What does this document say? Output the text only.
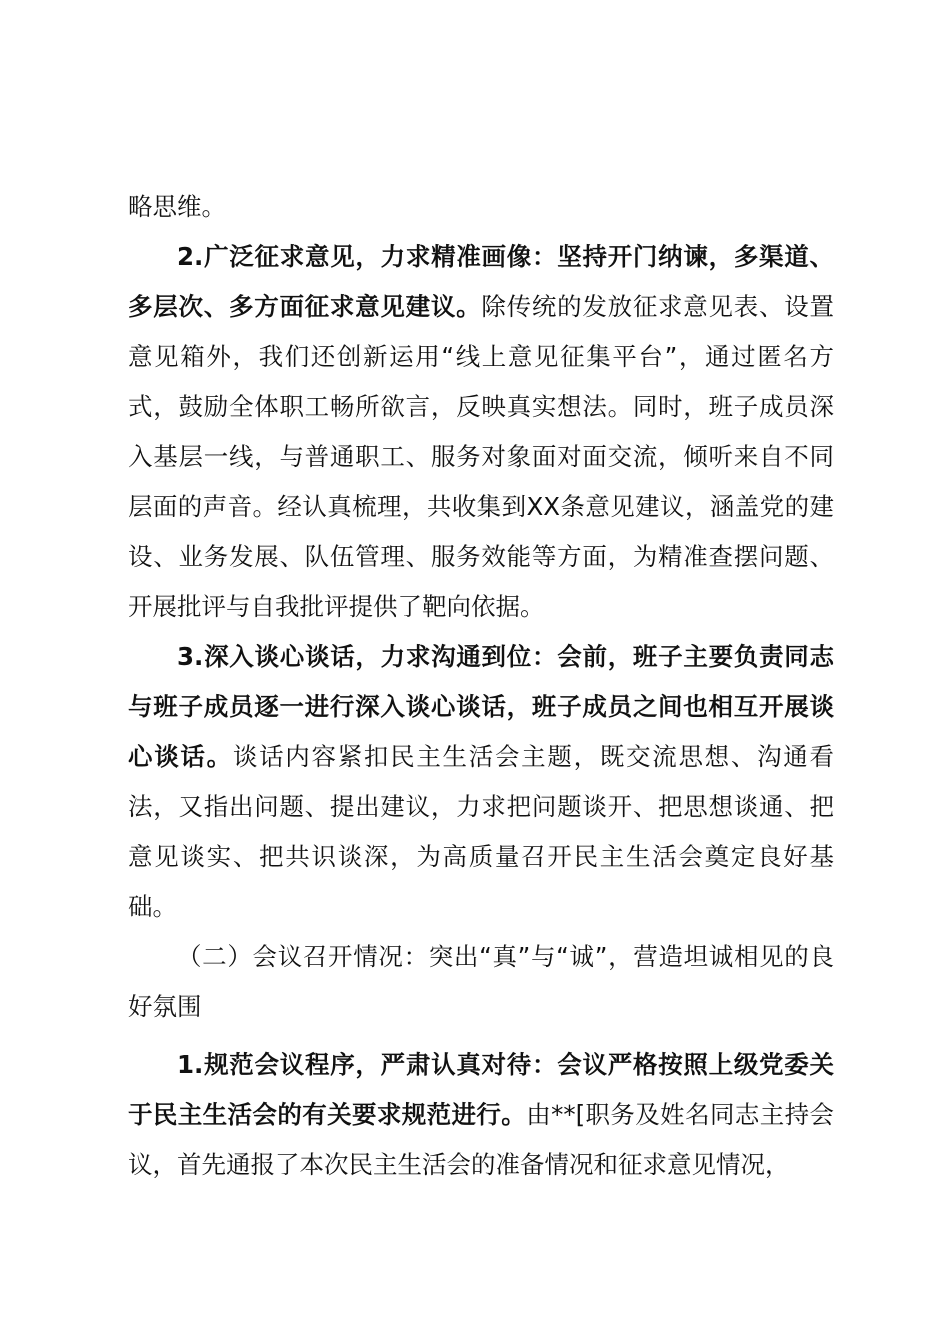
略思维。

2.广泛征求意见，力求精准画像：坚持开门纳谏，多渠道、多层次、多方面征求意见建议。除传统的发放征求意见表、设置意见箱外，我们还创新运用“线上意见征集平台”，通过匿名方式，鼓励全体职工畅所欲言，反映真实想法。同时，班子成员深入基层一线，与普通职工、服务对象面对面交流，倾听来自不同层面的声音。经认真梳理，共收集到XX条意见建议，涵盖党的建设、业务发展、队伍管理、服务效能等方面，为精准查摆问题、开展批评与自我批评提供了靶向依据。

3.深入谈心谈话，力求沟通到位：会前，班子主要负责同志与班子成员逐一进行深入谈心谈话，班子成员之间也相互开展谈心谈话。谈话内容紧扣民主生活会主题，既交流思想、沟通看法，又指出问题、提出建议，力求把问题谈开、把思想谈通、把意见谈实、把共识谈深，为高质量召开民主生活会奠定良好基础。

（二）会议召开情况：突出“真”与“诚”，营造坦诚相见的良好氛围

1.规范会议程序，严肃认真对待：会议严格按照上级党委关于民主生活会的有关要求规范进行。由**[职务及姓名同志主持会议，首先通报了本次民主生活会的准备情况和征求意见情况，
